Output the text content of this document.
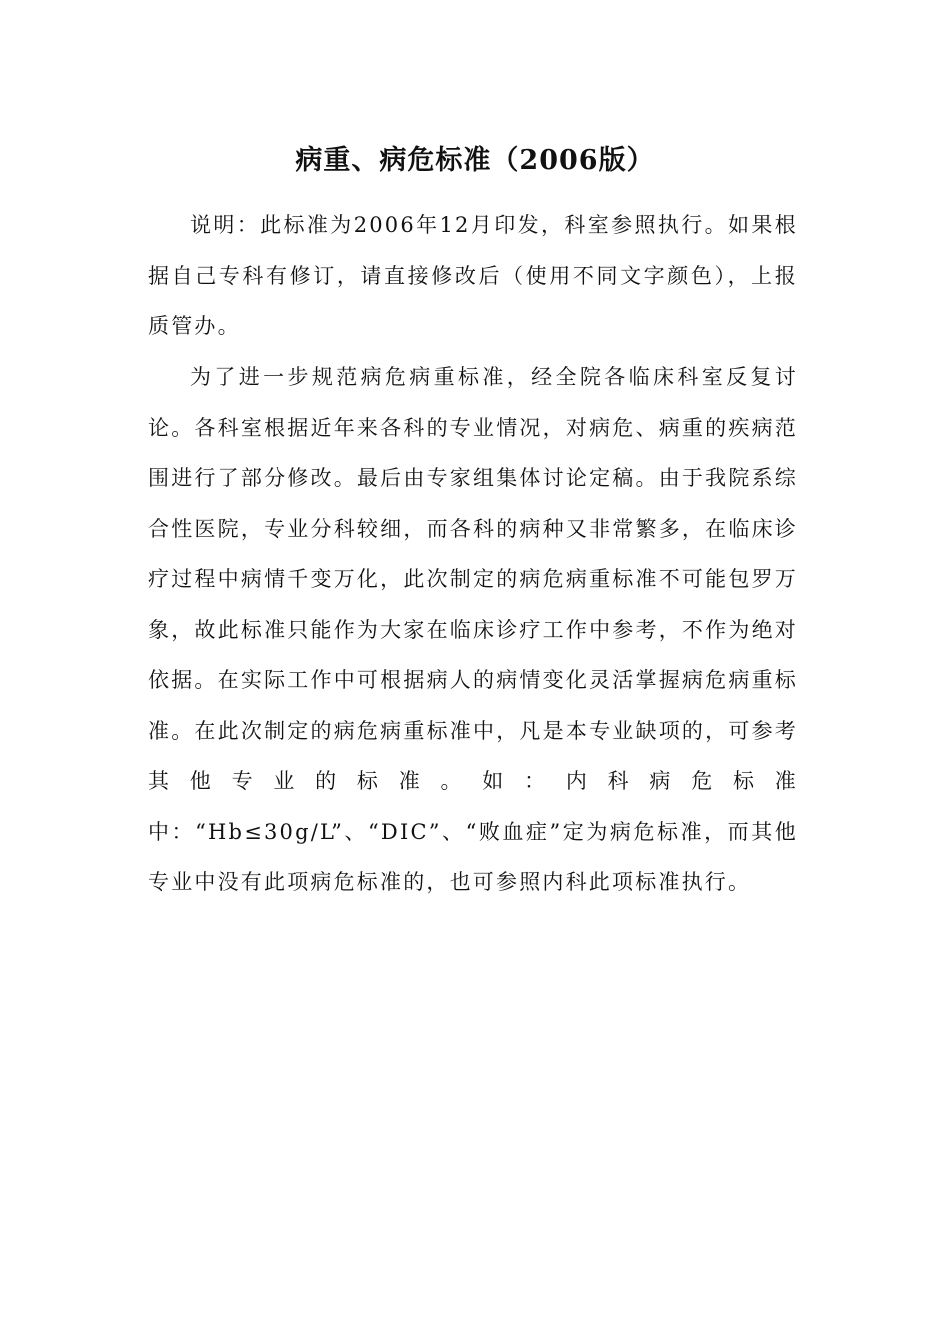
病重、病危标准（2006版）

说明：此标准为2006年12月印发，科室参照执行。如果根据自己专科有修订，请直接修改后（使用不同文字颜色），上报质管办。

为了进一步规范病危病重标准，经全院各临床科室反复讨论。各科室根据近年来各科的专业情况，对病危、病重的疾病范围进行了部分修改。最后由专家组集体讨论定稿。由于我院系综合性医院，专业分科较细，而各科的病种又非常繁多，在临床诊疗过程中病情千变万化，此次制定的病危病重标准不可能包罗万象，故此标准只能作为大家在临床诊疗工作中参考，不作为绝对依据。在实际工作中可根据病人的病情变化灵活掌握病危病重标准。在此次制定的病危病重标准中，凡是本专业缺项的，可参考其他专业的标准。如：内科病危标准中：“Hb≤30g/L”、“DIC”、“败血症”定为病危标准，而其他专业中没有此项病危标准的，也可参照内科此项标准执行。
